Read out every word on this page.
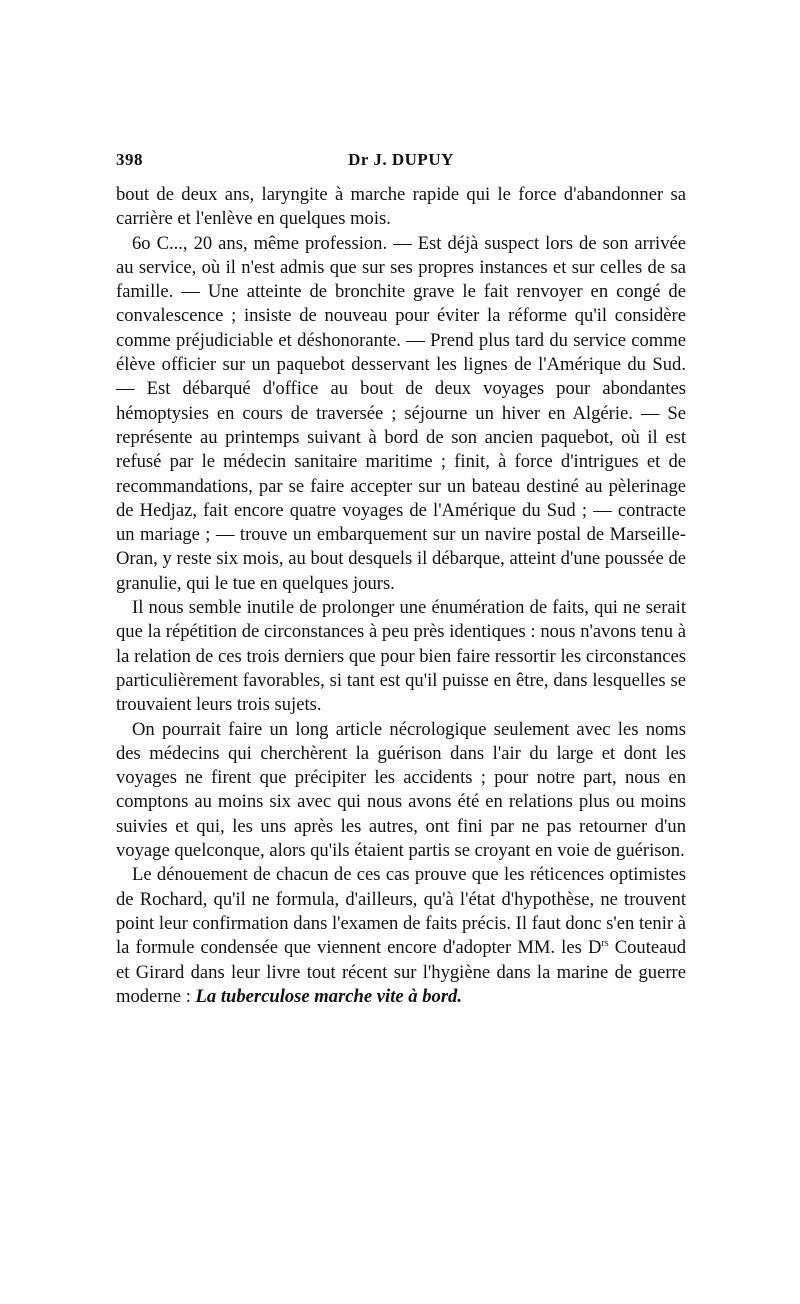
398	Dr J. DUPUY

bout de deux ans, laryngite à marche rapide qui le force d'abandonner sa carrière et l'enlève en quelques mois.

6o C..., 20 ans, même profession. — Est déjà suspect lors de son arrivée au service, où il n'est admis que sur ses propres instances et sur celles de sa famille. — Une atteinte de bronchite grave le fait renvoyer en congé de convalescence ; insiste de nouveau pour éviter la réforme qu'il considère comme préjudiciable et déshonorante. — Prend plus tard du service comme élève officier sur un paquebot desservant les lignes de l'Amérique du Sud. — Est débarqué d'office au bout de deux voyages pour abondantes hémoptysies en cours de traversée ; séjourne un hiver en Algérie. — Se représente au printemps suivant à bord de son ancien paquebot, où il est refusé par le médecin sanitaire maritime ; finit, à force d'intrigues et de recommandations, par se faire accepter sur un bateau destiné au pèlerinage de Hedjaz, fait encore quatre voyages de l'Amérique du Sud ; — contracte un mariage ; — trouve un embarquement sur un navire postal de Marseille-Oran, y reste six mois, au bout desquels il débarque, atteint d'une poussée de granulie, qui le tue en quelques jours.

Il nous semble inutile de prolonger une énumération de faits, qui ne serait que la répétition de circonstances à peu près identiques : nous n'avons tenu à la relation de ces trois derniers que pour bien faire ressortir les circonstances particulièrement favorables, si tant est qu'il puisse en être, dans lesquelles se trouvaient leurs trois sujets.

On pourrait faire un long article nécrologique seulement avec les noms des médecins qui cherchèrent la guérison dans l'air du large et dont les voyages ne firent que précipiter les accidents ; pour notre part, nous en comptons au moins six avec qui nous avons été en relations plus ou moins suivies et qui, les uns après les autres, ont fini par ne pas retourner d'un voyage quelconque, alors qu'ils étaient partis se croyant en voie de guérison.

Le dénouement de chacun de ces cas prouve que les réticences optimistes de Rochard, qu'il ne formula, d'ailleurs, qu'à l'état d'hypothèse, ne trouvent point leur confirmation dans l'examen de faits précis. Il faut donc s'en tenir à la formule condensée que viennent encore d'adopter MM. les $D^{rs}$ Couteaud et Girard dans leur livre tout récent sur l'hygiène dans la marine de guerre moderne : La tuberculose marche vite à bord.
